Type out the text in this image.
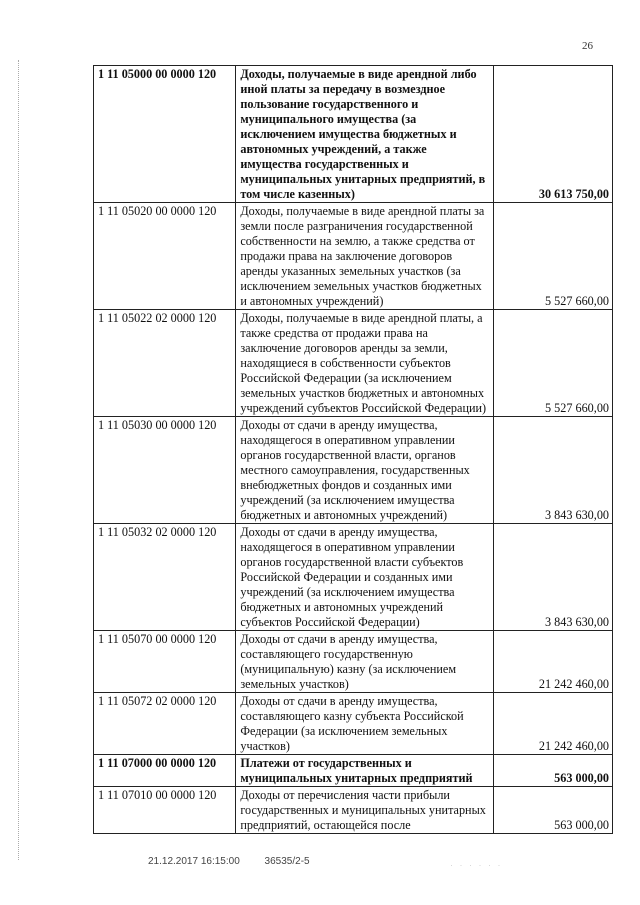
26
1 11 05000 00 0000 120	Доходы, получаемые в виде арендной либо иной платы за передачу в возмездное пользование государственного и муниципального имущества (за исключением имущества бюджетных и автономных учреждений, а также имущества государственных и муниципальных унитарных предприятий, в том числе казенных)	30 613 750,00
1 11 05020 00 0000 120	Доходы, получаемые в виде арендной платы за земли после разграничения государственной собственности на землю, а также средства от продажи права на заключение договоров аренды указанных земельных участков (за исключением земельных участков бюджетных и автономных учреждений)	5 527 660,00
1 11 05022 02 0000 120	Доходы, получаемые в виде арендной платы, а также средства от продажи права на заключение договоров аренды за земли, находящиеся в собственности субъектов Российской Федерации (за исключением земельных участков бюджетных и автономных учреждений субъектов Российской Федерации)	5 527 660,00
1 11 05030 00 0000 120	Доходы от сдачи в аренду имущества, находящегося в оперативном управлении органов государственной власти, органов местного самоуправления, государственных внебюджетных фондов и созданных ими учреждений (за исключением имущества бюджетных и автономных учреждений)	3 843 630,00
1 11 05032 02 0000 120	Доходы от сдачи в аренду имущества, находящегося в оперативном управлении органов государственной власти субъектов Российской Федерации и созданных ими учреждений (за исключением имущества бюджетных и автономных учреждений субъектов Российской Федерации)	3 843 630,00
1 11 05070 00 0000 120	Доходы от сдачи в аренду имущества, составляющего государственную (муниципальную) казну (за исключением земельных участков)	21 242 460,00
1 11 05072 02 0000 120	Доходы от сдачи в аренду имущества, составляющего казну субъекта Российской Федерации (за исключением земельных участков)	21 242 460,00
1 11 07000 00 0000 120	Платежи от государственных и муниципальных унитарных предприятий	563 000,00
1 11 07010 00 0000 120	Доходы от перечисления части прибыли государственных и муниципальных унитарных предприятий, остающейся после	563 000,00
21.12.2017 16:15:00 36535/2-5	· · · · · ·
